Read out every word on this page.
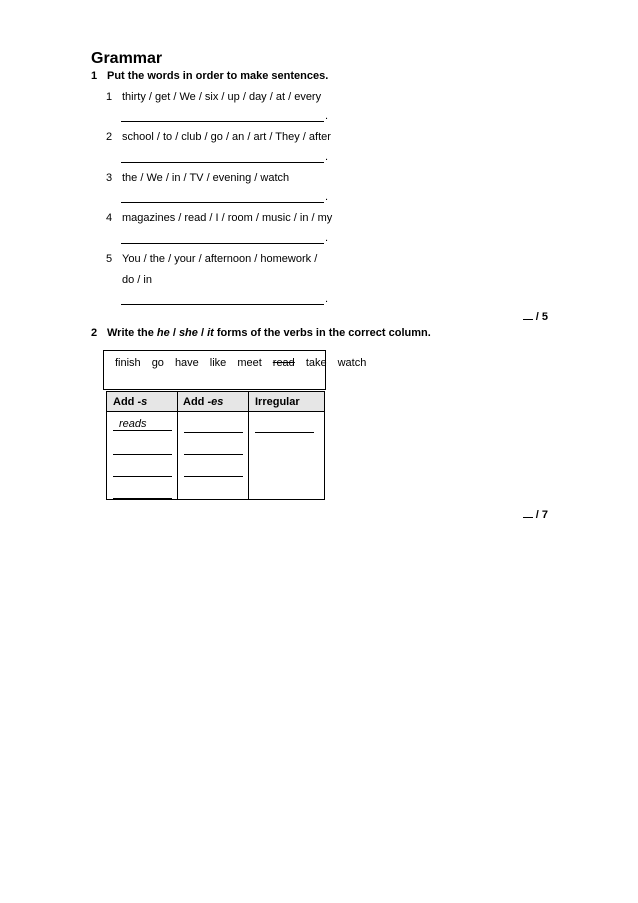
Grammar
1 Put the words in order to make sentences.
1 thirty / get / We / six / up / day / at / every
.
2 school / to / club / go / an / art / They / after
.
3 the / We / in / TV / evening / watch
.
4 magazines / read / I / room / music / in / my
.
5 You / the / your / afternoon / homework /
do / in
.
/ 5
2 Write the he / she / it forms of the verbs in the correct column.
finish go have like meet read take watch
Add -s	Add -es	Irregular
reads
/ 7
